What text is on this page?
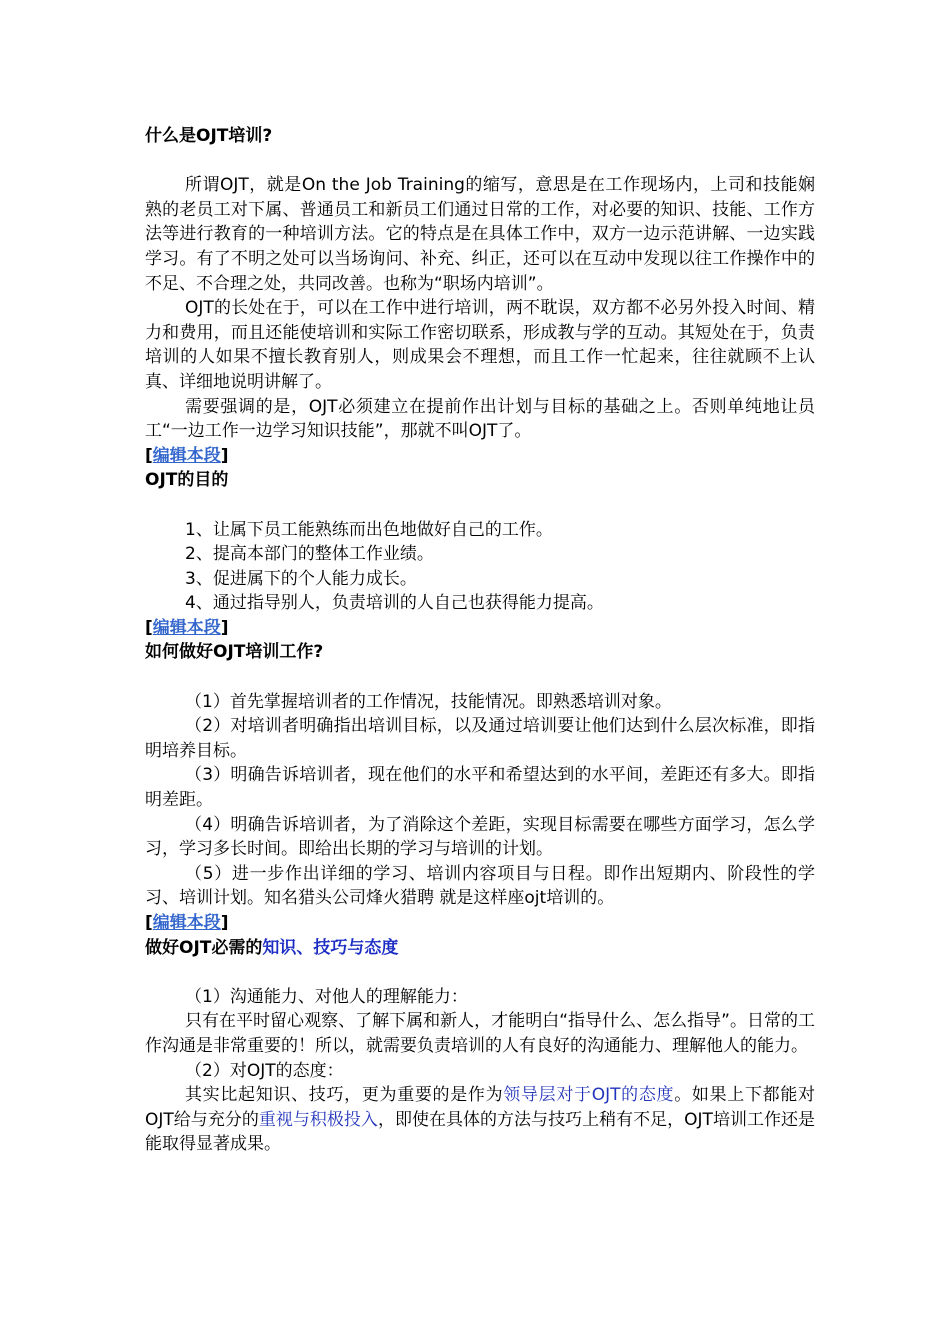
什么是OJT培训?

所谓OJT，就是On the Job Training的缩写，意思是在工作现场内，上司和技能娴熟的老员工对下属、普通员工和新员工们通过日常的工作，对必要的知识、技能、工作方法等进行教育的一种培训方法。它的特点是在具体工作中，双方一边示范讲解、一边实践学习。有了不明之处可以当场询问、补充、纠正，还可以在互动中发现以往工作操作中的不足、不合理之处，共同改善。也称为“职场内培训”。

OJT的长处在于，可以在工作中进行培训，两不耽误，双方都不必另外投入时间、精力和费用，而且还能使培训和实际工作密切联系，形成教与学的互动。其短处在于，负责培训的人如果不擅长教育别人，则成果会不理想，而且工作一忙起来，往往就顾不上认真、详细地说明讲解了。

需要强调的是，OJT必须建立在提前作出计划与目标的基础之上。否则单纯地让员工“一边工作一边学习知识技能”，那就不叫OJT了。

[编辑本段]

OJT的目的

1、让属下员工能熟练而出色地做好自己的工作。

2、提高本部门的整体工作业绩。

3、促进属下的个人能力成长。

4、通过指导别人，负责培训的人自己也获得能力提高。

[编辑本段]

如何做好OJT培训工作?

（1）首先掌握培训者的工作情况，技能情况。即熟悉培训对象。

（2）对培训者明确指出培训目标，以及通过培训要让他们达到什么层次标准，即指明培养目标。

（3）明确告诉培训者，现在他们的水平和希望达到的水平间，差距还有多大。即指明差距。

（4）明确告诉培训者，为了消除这个差距，实现目标需要在哪些方面学习，怎么学习，学习多长时间。即给出长期的学习与培训的计划。

（5）进一步作出详细的学习、培训内容项目与日程。即作出短期内、阶段性的学习、培训计划。知名猎头公司烽火猎聘 就是这样座ojt培训的。

[编辑本段]

做好OJT必需的知识、技巧与态度

（1）沟通能力、对他人的理解能力：

只有在平时留心观察、了解下属和新人，才能明白“指导什么、怎么指导”。日常的工作沟通是非常重要的！所以，就需要负责培训的人有良好的沟通能力、理解他人的能力。

（2）对OJT的态度：

其实比起知识、技巧，更为重要的是作为领导层对于OJT的态度。如果上下都能对OJT给与充分的重视与积极投入，即使在具体的方法与技巧上稍有不足，OJT培训工作还是能取得显著成果。
